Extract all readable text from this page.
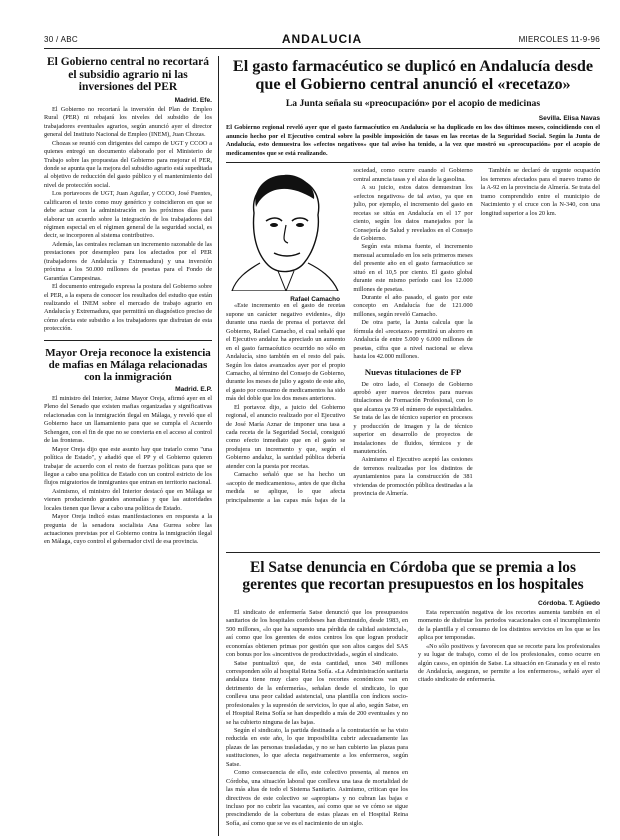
30 / ABC	ANDALUCIA	MIERCOLES 11-9-96
El Gobierno central no recortará el subsidio agrario ni las inversiones del PER
Madrid. Efe.

El Gobierno no recortará la inversión del Plan de Empleo Rural (PER) ni rebajará los niveles del subsidio de los trabajadores eventuales agrarios, según anunció ayer el director general del Instituto Nacional de Empleo (INEM), Juan Chozas.

Chozas se reunió con dirigentes del campo de UGT y CCOO a quienes entregó un documento elaborado por el Ministerio de Trabajo sobre las propuestas del Gobierno para mejorar el PER, donde se apunta que la mejora del subsidio agrario está supeditada al objetivo de reducción del gasto público y el mantenimiento del nivel de protección social.

Los portavoces de UGT, Juan Aguilar, y CCOO, José Fuentes, calificaron el texto como muy genérico y coincidieron en que se debe actuar con la administración en los próximos días para elaborar un acuerdo sobre la integración de los trabajadores del régimen especial en el régimen general de la seguridad social, es decir, se incorporen al sistema contributivo.

Además, las centrales reclaman un incremento razonable de las prestaciones por desempleo para los afectados por el PER (trabajadores de Andalucía y Extremadura) y una inversión próxima a los 50.000 millones de pesetas para el Fondo de Garantías Campesinas.

El documento entregado expresa la postura del Gobierno sobre el PER, a la espera de conocer los resultados del estudio que están realizando el INEM sobre el mercado de trabajo agrario en Andalucía y Extremadura, que permitirá un diagnóstico preciso de cómo afecta este subsidio a los trabajadores que disfrutan de esta protección.

Mayor Oreja reconoce la existencia de mafias en Málaga relacionadas con la inmigración
Madrid. E.P.

El ministro del Interior, Jaime Mayor Oreja, afirmó ayer en el Pleno del Senado que existen mafias organizadas y significativas relacionadas con la inmigración ilegal en Málaga, y reveló que el Gobierno hace un llamamiento para que se cumpla el Acuerdo Schengen, con el fin de que no se convierta en el acceso al control de las fronteras.

Mayor Oreja dijo que este asunto hay que tratarlo como "una política de Estado", y añadió que el PP y el Gobierno quieren trabajar de acuerdo con el resto de fuerzas políticas para que se llegue a cabo una política de Estado con un control estricto de los flujos migratorios de inmigrantes que entran en territorio nacional.

Asimismo, el ministro del Interior destacó que en Málaga se vienen produciendo grandes anomalías y que las autoridades locales tienen que llevar a cabo una política de Estado.

Mayor Oreja indicó estas manifestaciones en respuesta a la pregunta de la senadora socialista Ana Gurrea sobre las actuaciones previstas por el Gobierno contra la inmigración ilegal en Málaga, cuyo control el gobernador civil de esa provincia.

El gasto farmacéutico se duplicó en Andalucía desde que el Gobierno central anunció el «recetazo»
La Junta señala su «preocupación» por el acopio de medicinas
Sevilla. Elisa Navas

El Gobierno regional reveló ayer que el gasto farmacéutico en Andalucía se ha duplicado en los dos últimos meses, coincidiendo con el anuncio hecho por el Ejecutivo central sobre la posible imposición de tasas en las recetas de la Seguridad Social. Según la Junta de Andalucía, esto demuestra los «efectos negativos» que tal aviso ha tenido, a la vez que mostró su «preocupación» por el acopio de medicamentos que se está realizando.

Rafael Camacho

«Este incremento en el gasto de recetas supone un carácter negativo evidente», dijo durante una rueda de prensa el portavoz del Gobierno, Rafael Camacho, el cual señaló que el Ejecutivo andaluz ha apreciado un aumento en el gasto farmacéutico ocurrido no sólo en Andalucía, sino también en el resto del país. Según los datos avanzados ayer por el propio Camacho, al término del Consejo de Gobierno, durante los meses de julio y agosto de este año, el gasto por consumo de medicamentos ha sido más del doble que los dos meses anteriores.

El portavoz dijo, a juicio del Gobierno regional, el anuncio realizado por el Ejecutivo de José María Aznar de imponer una tasa a cada receta de la Seguridad Social, consiguió como efecto inmediato que en el gasto se produjera un incremento y que, según el Gobierno andaluz, la sanidad pública debería atender con la puesta por recetas.

Camacho señaló que se ha hecho un «acopio de medicamentos», antes de que dicha medida se aplique, lo que afecta principalmente a las capas más bajas de la sociedad, como ocurre cuando el Gobierno central anuncia tasas y el alza de la gasolina.

A su juicio, estos datos demuestran los «efectos negativos» de tal aviso, ya que en julio, por ejemplo, el incremento del gasto en recetas se sitúa en Andalucía en el 17 por ciento, según los datos manejados por la Consejería de Salud y revelados en el Consejo de Gobierno.

Según esta misma fuente, el incremento mensual acumulado en los seis primeros meses del presente año en el gasto farmacéutico se situó en el 10,5 por ciento. El gasto global durante este mismo período casi los 12.000 millones de pesetas.

Durante el año pasado, el gasto por este concepto en Andalucía fue de 121.000 millones, según reveló Camacho.

De otra parte, la Junta calcula que la fórmula del «recetazo» permitirá un ahorro en Andalucía de entre 5.000 y 6.000 millones de pesetas, cifra que a nivel nacional se eleva hasta los 42.000 millones.

Nuevas titulaciones de FP

De otro lado, el Consejo de Gobierno aprobó ayer nuevos decretos para nuevas titulaciones de Formación Profesional, con lo que alcanza ya 59 el número de especialidades. Se trata de las de técnico superior en procesos y producción de imagen y la de técnico superior en desarrollo de proyectos de instalaciones de fluidos, térmicos y de manutención.

Asimismo el Ejecutivo aceptó las cesiones de terrenos realizadas por los distintos de ayuntamientos para la construcción de 381 viviendas de promoción pública destinadas a la provincia de Almería.

También se declaró de urgente ocupación los terrenos afectados para el nuevo tramo de la A-92 en la provincia de Almería. Se trata del tramo comprendido entre el municipio de Nacimiento y el cruce con la N-340, con una longitud superior a los 20 km.

El Satse denuncia en Córdoba que se premia a los gerentes que recortan presupuestos en los hospitales
Córdoba. T. Agüedo

El sindicato de enfermería Satse denunció que los presupuestos sanitarios de los hospitales cordobeses han disminuido, desde 1983, en 500 millones, «lo que ha supuesto una pérdida de calidad asistencial», así como que los gerentes de estos centros los que logran producir economías obtienen primas por gestión que son altos cargos del SAS con bonus por los «incentivos de productividad», según el sindicato.

Satse puntualizó que, de esta cantidad, unos 340 millones corresponden sólo al hospital Reina Sofía. «La Administración sanitaria andaluza tiene muy claro que los recortes económicos van en detrimento de la enfermería», señalan desde el sindicato, lo que conlleva una peor calidad asistencial, una plantilla con índices socio-profesionales y la supresión de servicios, lo que al año, según Satse, en el Hospital Reina Sofía se han despedido a más de 200 eventuales y no se ha cubierto ninguna de las bajas.

Según el sindicato, la partida destinada a la contratación se ha visto reducida en este año, lo que imposibilita cubrir adecuadamente las plazas de las personas trasladadas, y no se han cubierto las plazas para sustituciones, lo que afecta negativamente a los enfermeros, según Satse.

Como consecuencia de ello, este colectivo presenta, al menos en Córdoba, una situación laboral que conlleva una tasa de mortalidad de las más altas de todo el Sistema Sanitario. Asimismo, critican que los directivos de este colectivo se «apropian» y no cubran las bajas e incluso por no cubrir las vacantes, así como que se ve cómo se sigue prescindiendo de la cobertura de estas plazas en el Hospital Reina Sofía, así como que se ve es el nacimiento de un siglo.

Esta repercusión negativa de los recortes aumenta también en el momento de disfrutar los periodos vacacionales con el incumplimiento de la plantilla y el consumo de los distintos servicios en los que se les aplica por temporadas.

«No sólo positivos y favorecen que se recorte para los profesionales y su lugar de trabajo, como el de los profesionales, como ocurre en algún caso», en opinión de Satse. La situación en Granada y en el resto de Andalucía, aseguran, se permite a los enfermeros», señaló ayer el citado sindicato de enfermería.
